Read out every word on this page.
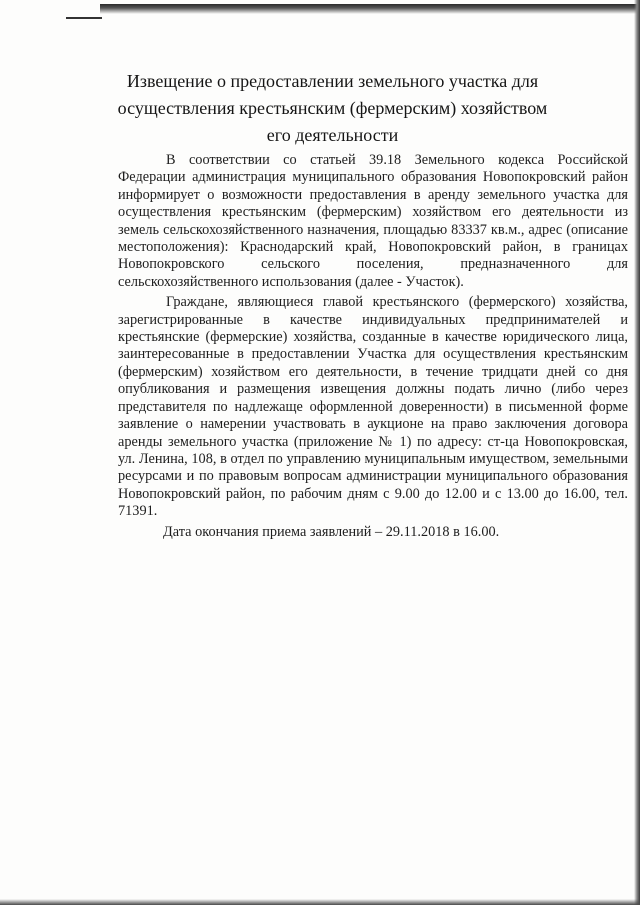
Извещение о предоставлении земельного участка для осуществления крестьянским (фермерским) хозяйством его деятельности

В соответствии со статьей 39.18 Земельного кодекса Российской Федерации администрация муниципального образования Новопокровский район информирует о возможности предоставления в аренду земельного участка для осуществления крестьянским (фермерским) хозяйством его деятельности из земель сельскохозяйственного назначения, площадью 83337 кв.м., адрес (описание местоположения): Краснодарский край, Новопокровский район, в границах Новопокровского сельского поселения, предназначенного для сельскохозяйственного использования (далее - Участок).

Граждане, являющиеся главой крестьянского (фермерского) хозяйства, зарегистрированные в качестве индивидуальных предпринимателей и крестьянские (фермерские) хозяйства, созданные в качестве юридического лица, заинтересованные в предоставлении Участка для осуществления крестьянским (фермерским) хозяйством его деятельности, в течение тридцати дней со дня опубликования и размещения извещения должны подать лично (либо через представителя по надлежаще оформленной доверенности) в письменной форме заявление о намерении участвовать в аукционе на право заключения договора аренды земельного участка (приложение № 1) по адресу: ст-ца Новопокровская, ул. Ленина, 108, в отдел по управлению муниципальным имуществом, земельными ресурсами и по правовым вопросам администрации муниципального образования Новопокровский район, по рабочим дням с 9.00 до 12.00 и с 13.00 до 16.00, тел. 71391.

Дата окончания приема заявлений – 29.11.2018 в 16.00.
